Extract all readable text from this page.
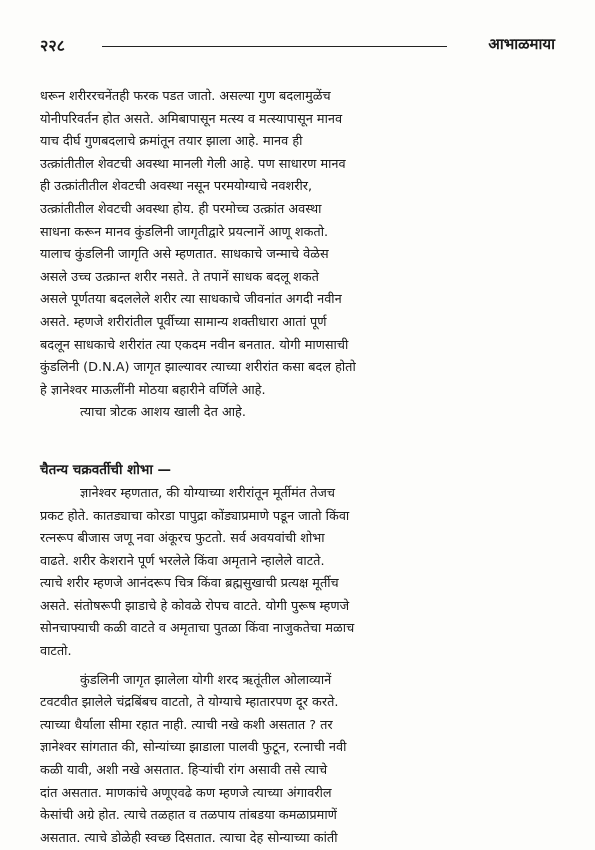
२२८	आभाळमाया
धरून शरीररचनेंतही फरक पडत जातो. असल्या गुण बदलामुळेंच
योनीपरिवर्तन होत असते. अमिबापासून मत्स्य व मत्स्यापासून मानव
याच दीर्घ गुणबदलाचे क्रमांतून तयार झाला आहे. मानव ही
उत्क्रांतीतील शेवटची अवस्था मानली गेली आहे. पण साधारण मानव
ही उत्क्रांतीतील शेवटची अवस्था नसून परमयोग्याचे नवशरीर,
उत्क्रांतीतील शेवटची अवस्था होय. ही परमोच्च उत्क्रांत अवस्था
साधना करून मानव कुंडलिनी जागृतीद्वारे प्रयत्नानें आणू शकतो.
यालाच कुंडलिनी जागृति असे म्हणतात. साधकाचे जन्माचे वेळेस
असले उच्च उत्क्रान्त शरीर नसते. ते तपानें साधक बदलू शकते
असले पूर्णतया बदललेले शरीर त्या साधकाचे जीवनांत अगदी नवीन
असते. म्हणजे शरीरांतील पूर्वीच्या सामान्य शक्तीधारा आतां पूर्ण
बदलून साधकाचे शरीरांत त्या एकदम नवीन बनतात. योगी माणसाची
कुंडलिनी (D.N.A) जागृत झाल्यावर त्याच्या शरीरांत कसा बदल होतो
हे ज्ञानेश्वर माऊलींनी मोठया बहारीने वर्णिले आहे.
त्याचा त्रोटक आशय खाली देत आहे.
चैतन्य चक्रवर्तीची शोभा —
ज्ञानेश्वर म्हणतात, की योग्याच्या शरीरांतून मूर्तीमंत तेजच
प्रकट होते. कातड्याचा कोरडा पापुद्रा कोंड्याप्रमाणे पडून जातो किंवा
रत्नरूप बीजास जणू नवा अंकूरच फुटतो. सर्व अवयवांची शोभा
वाढते. शरीर केशराने पूर्ण भरलेले किंवा अमृताने न्हालेले वाटते.
त्याचे शरीर म्हणजे आनंदरूप चित्र किंवा ब्रह्मसुखाची प्रत्यक्ष मूर्तीच
असते. संतोषरूपी झाडाचे हे कोवळे रोपच वाटते. योगी पुरूष म्हणजे
सोनचाफ्याची कळी वाटते व अमृताचा पुतळा किंवा नाजुकतेचा मळाच
वाटतो.
कुंडलिनी जागृत झालेला योगी शरद ऋतूंतील ओलाव्यानें
टवटवीत झालेले चंद्रबिंबच वाटतो, ते योग्याचे म्हातारपण दूर करते.
त्याच्या धैर्याला सीमा रहात नाही. त्याची नखे कशी असतात ? तर
ज्ञानेश्वर सांगतात की, सोन्यांच्या झाडाला पालवी फुटून, रत्नाची नवी
कळी यावी, अशी नखे असतात. हिऱ्यांची रांग असावी तसे त्याचे
दांत असतात. माणकांचे अणूएवढे कण म्हणजे त्याच्या अंगावरील
केसांची अग्रे होत. त्याचे तळहात व तळपाय तांबडया कमळाप्रमाणें
असतात. त्याचे डोळेही स्वच्छ दिसतात. त्याचा देह सोन्याच्या कांती
